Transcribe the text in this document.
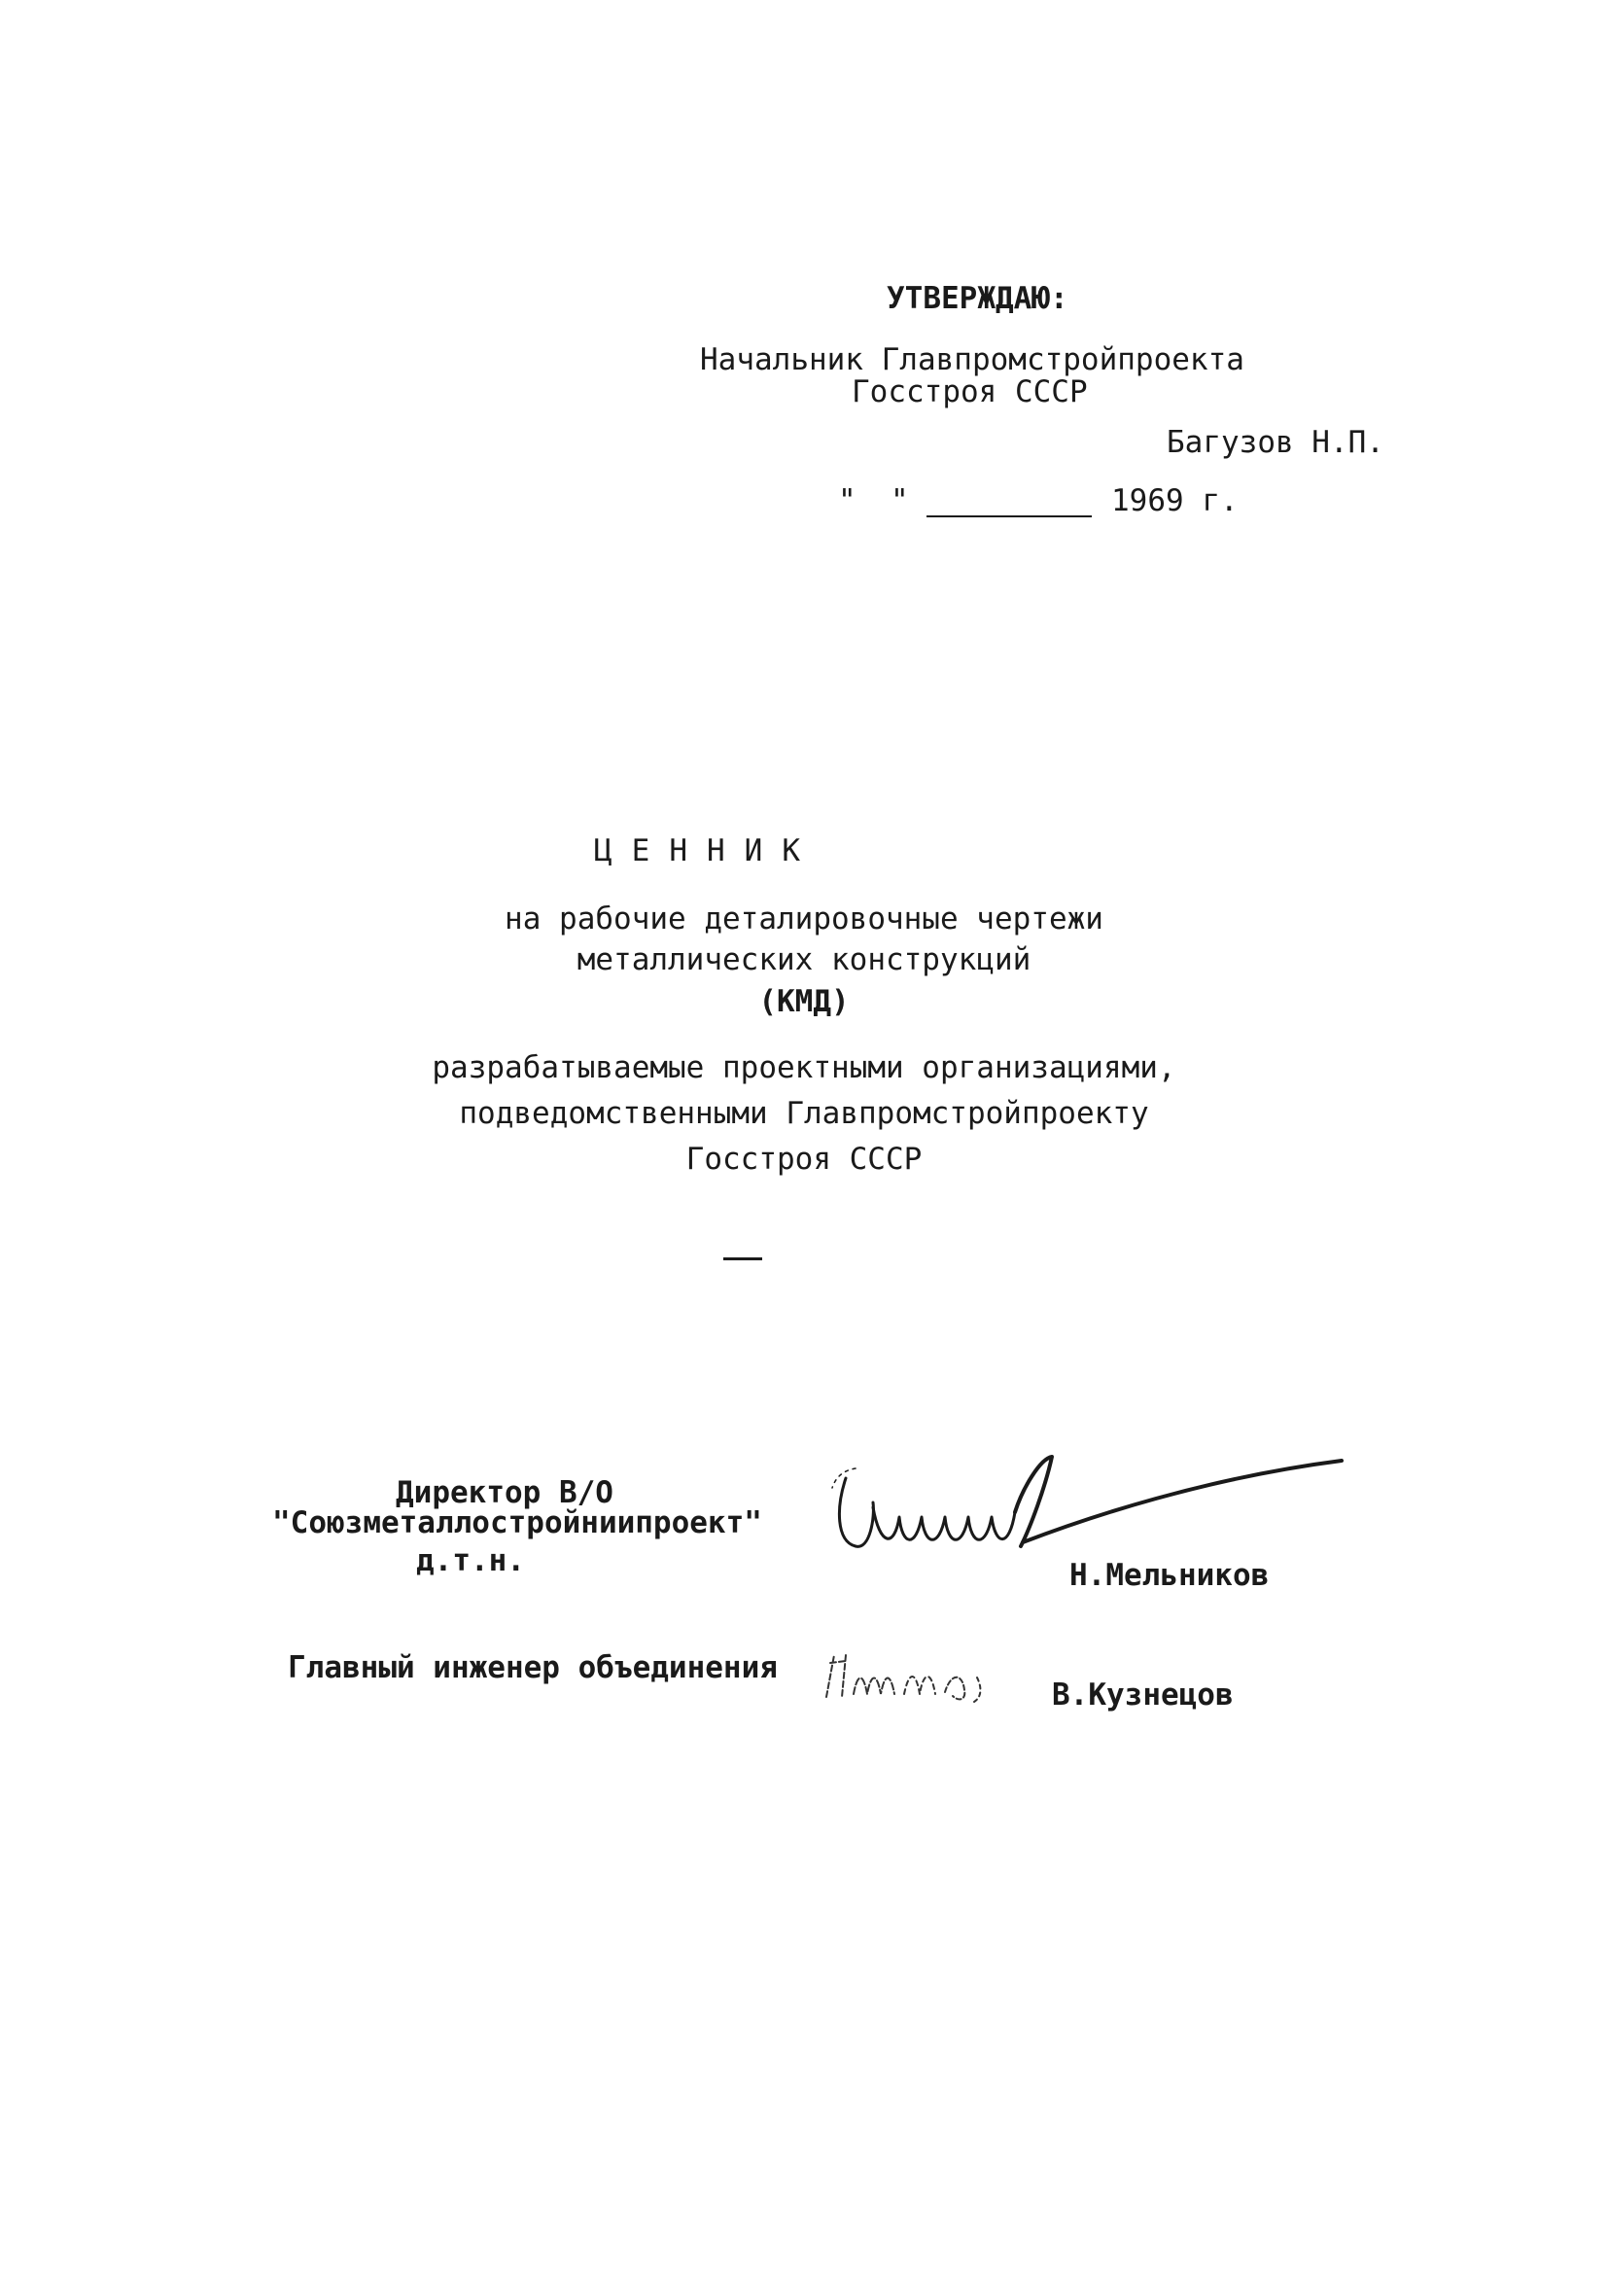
УТВЕРЖДАЮ:
Начальник Главпромстройпроекта
Госстроя СССР
Багузов Н.П.
" "	1969 г.
ЦЕННИК
на рабочие деталировочные чертежи
металлических конструкций
(КМД)
разрабатываемые проектными организациями,
подведомственными Главпромстройпроекту
Госстроя СССР
Директор В/О
"Союзметаллостройниипроект"
д.т.н.	Н.Мельников
Главный инженер объединения
В.Кузнецов
